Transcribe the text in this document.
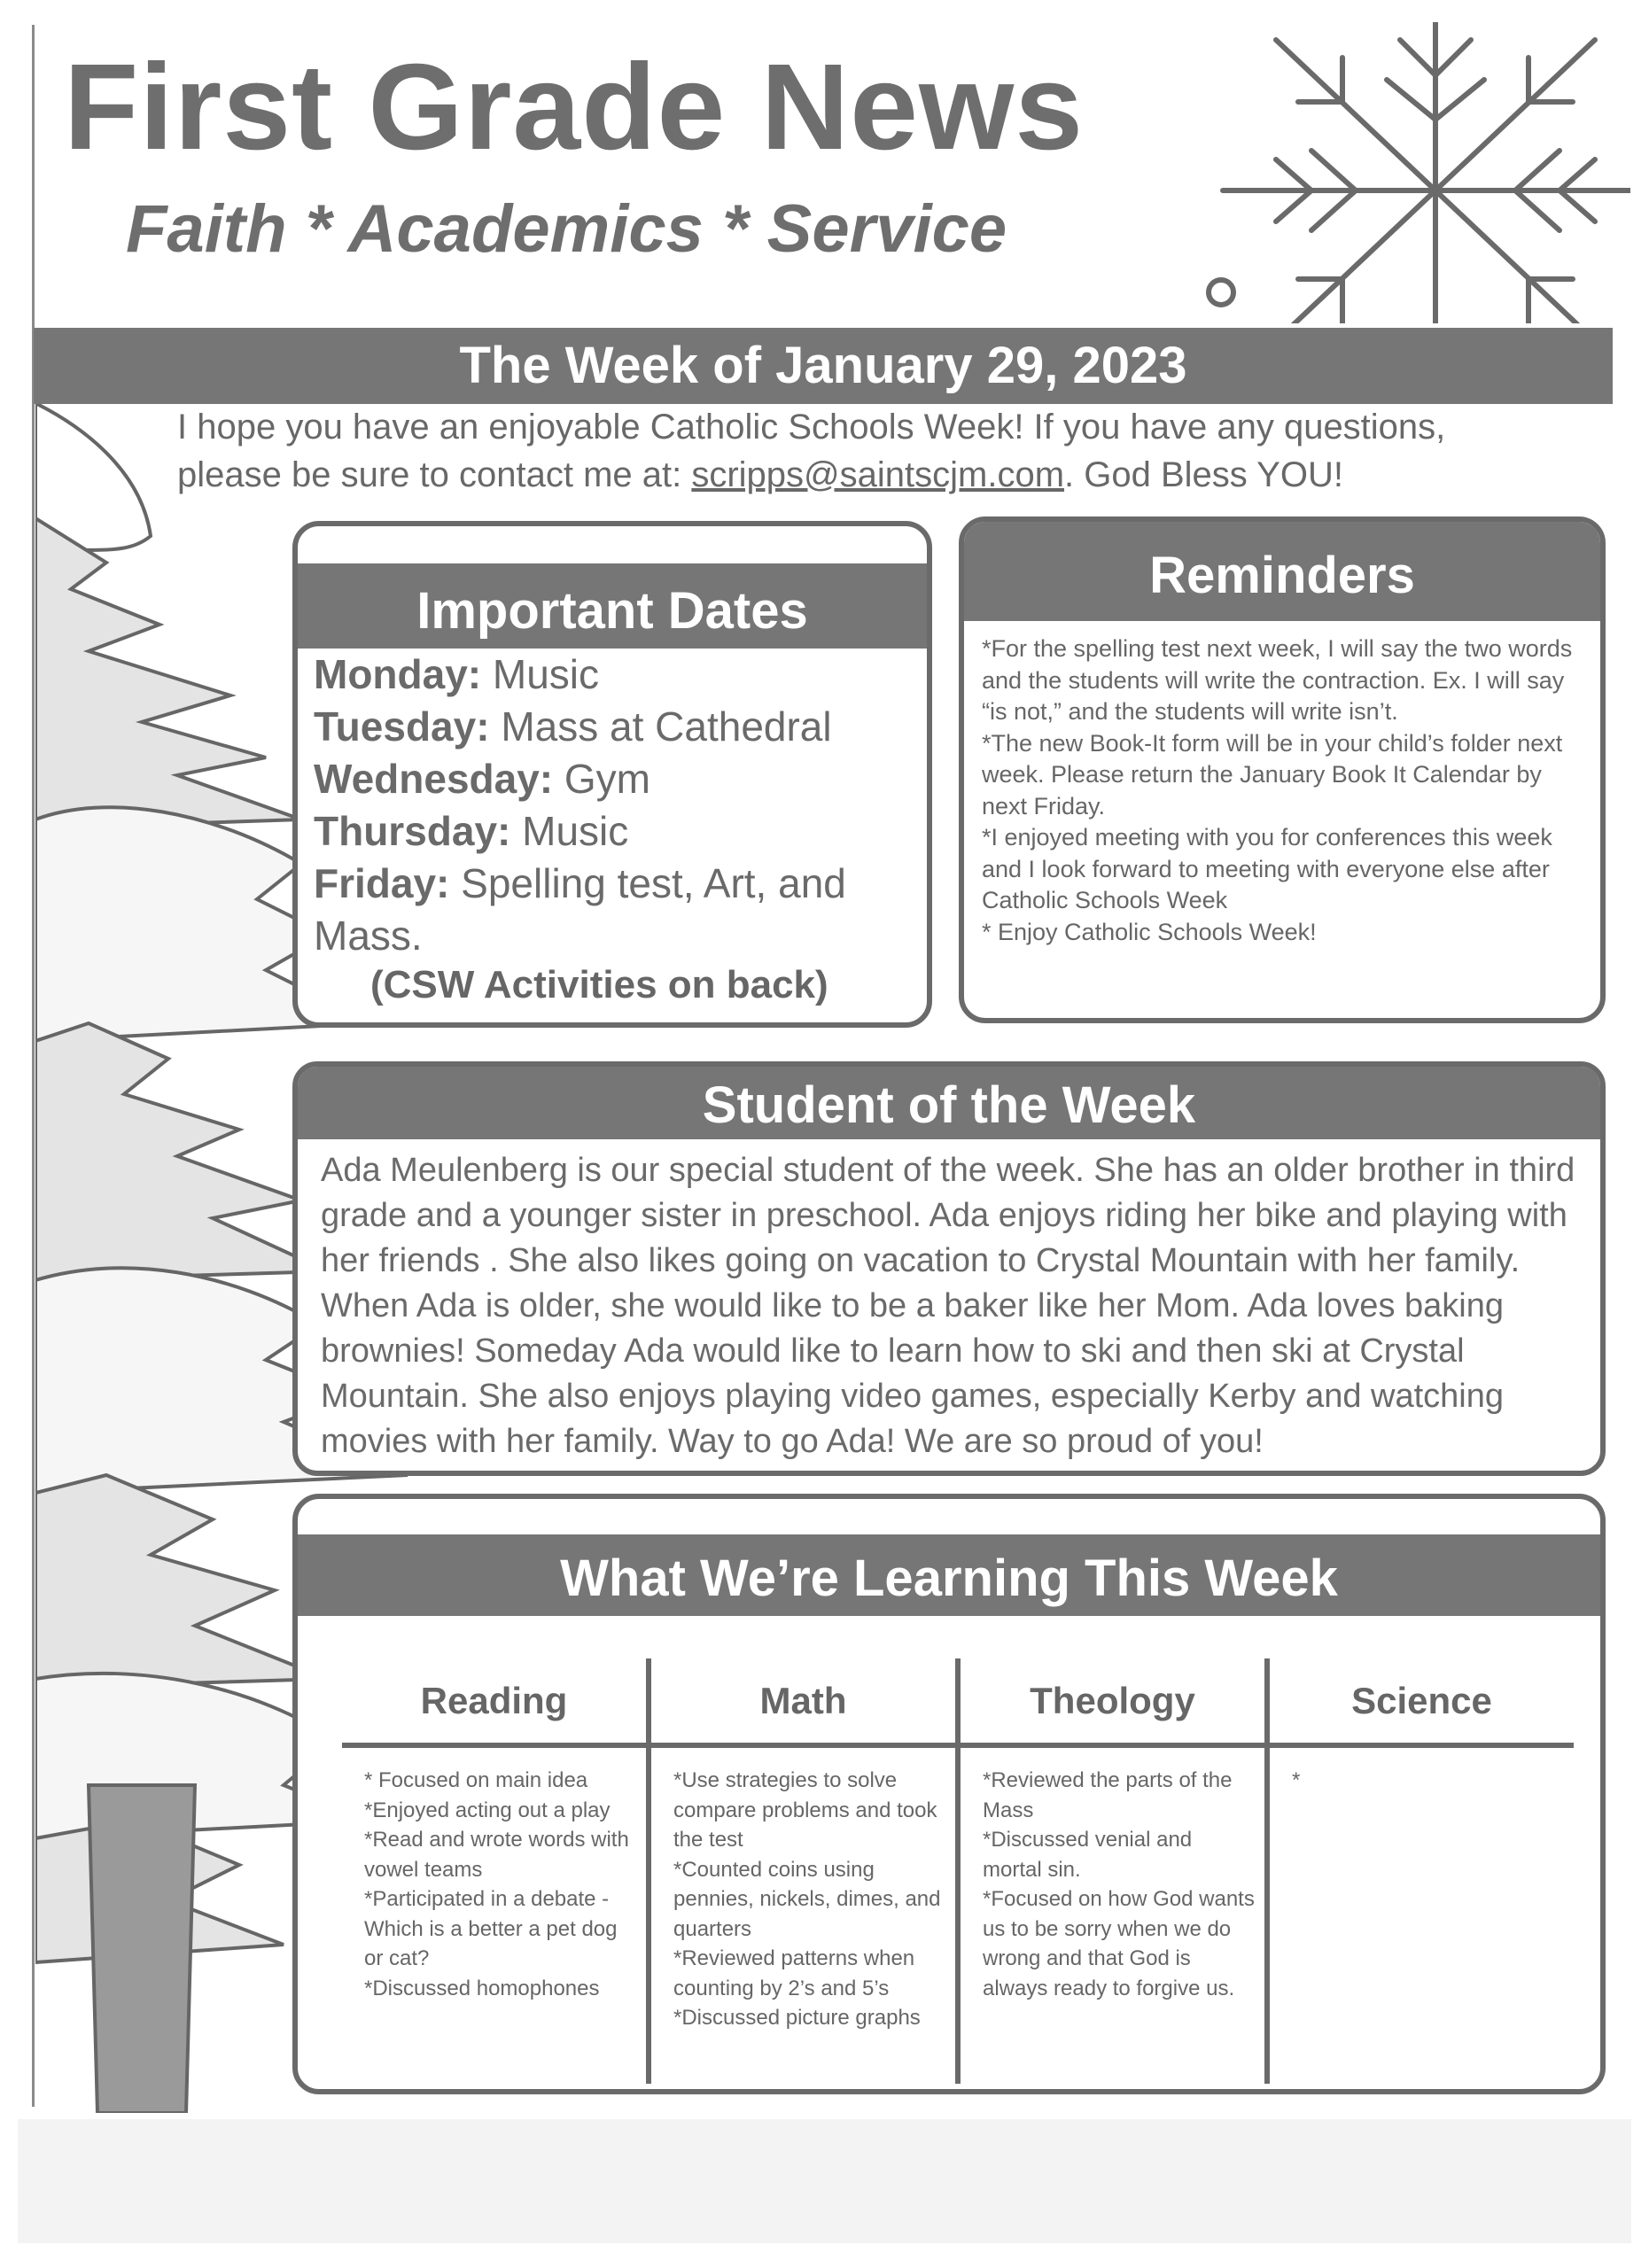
First Grade News
Faith * Academics * Service
The Week of January 29, 2023
I hope you have an enjoyable Catholic Schools Week! If you have any questions,
please be sure to contact me at: scripps@saintscjm.com. God Bless YOU!
Important Dates
Monday: Music
Tuesday: Mass at Cathedral
Wednesday: Gym
Thursday: Music
Friday: Spelling test, Art, and Mass.
(CSW Activities on back)
Reminders

*For the spelling test next week, I will say the two words and the students will write the contraction. Ex. I will say “is not,” and the students will write isn’t.

*The new Book-It form will be in your child’s folder next week. Please return the January Book It Calendar by next Friday.

*I enjoyed meeting with you for conferences this week and I look forward to meeting with everyone else after Catholic Schools Week

* Enjoy Catholic Schools Week!

Student of the Week
Ada Meulenberg is our special student of the week. She has an older brother in third grade and a younger sister in preschool. Ada enjoys riding her bike and playing with her friends . She also likes going on vacation to Crystal Mountain with her family. When Ada is older, she would like to be a baker like her Mom. Ada loves baking brownies! Someday Ada would like to learn how to ski and then ski at Crystal Mountain. She also enjoys playing video games, especially Kerby and watching movies with her family. Way to go Ada! We are so proud of you!
What We’re Learning This Week
Reading

* Focused on main idea

*Enjoyed acting out a play

*Read and wrote words with vowel teams

*Participated in a debate -Which is a better a pet dog or cat?

*Discussed homophones

Math

*Use strategies to solve compare problems and took the test

*Counted coins using pennies, nickels, dimes, and quarters

*Reviewed patterns when counting by 2’s and 5’s

*Discussed picture graphs

Theology

*Reviewed the parts of the Mass

*Discussed venial and mortal sin.

*Focused on how God wants us to be sorry when we do wrong and that God is always ready to forgive us.

Science

*
